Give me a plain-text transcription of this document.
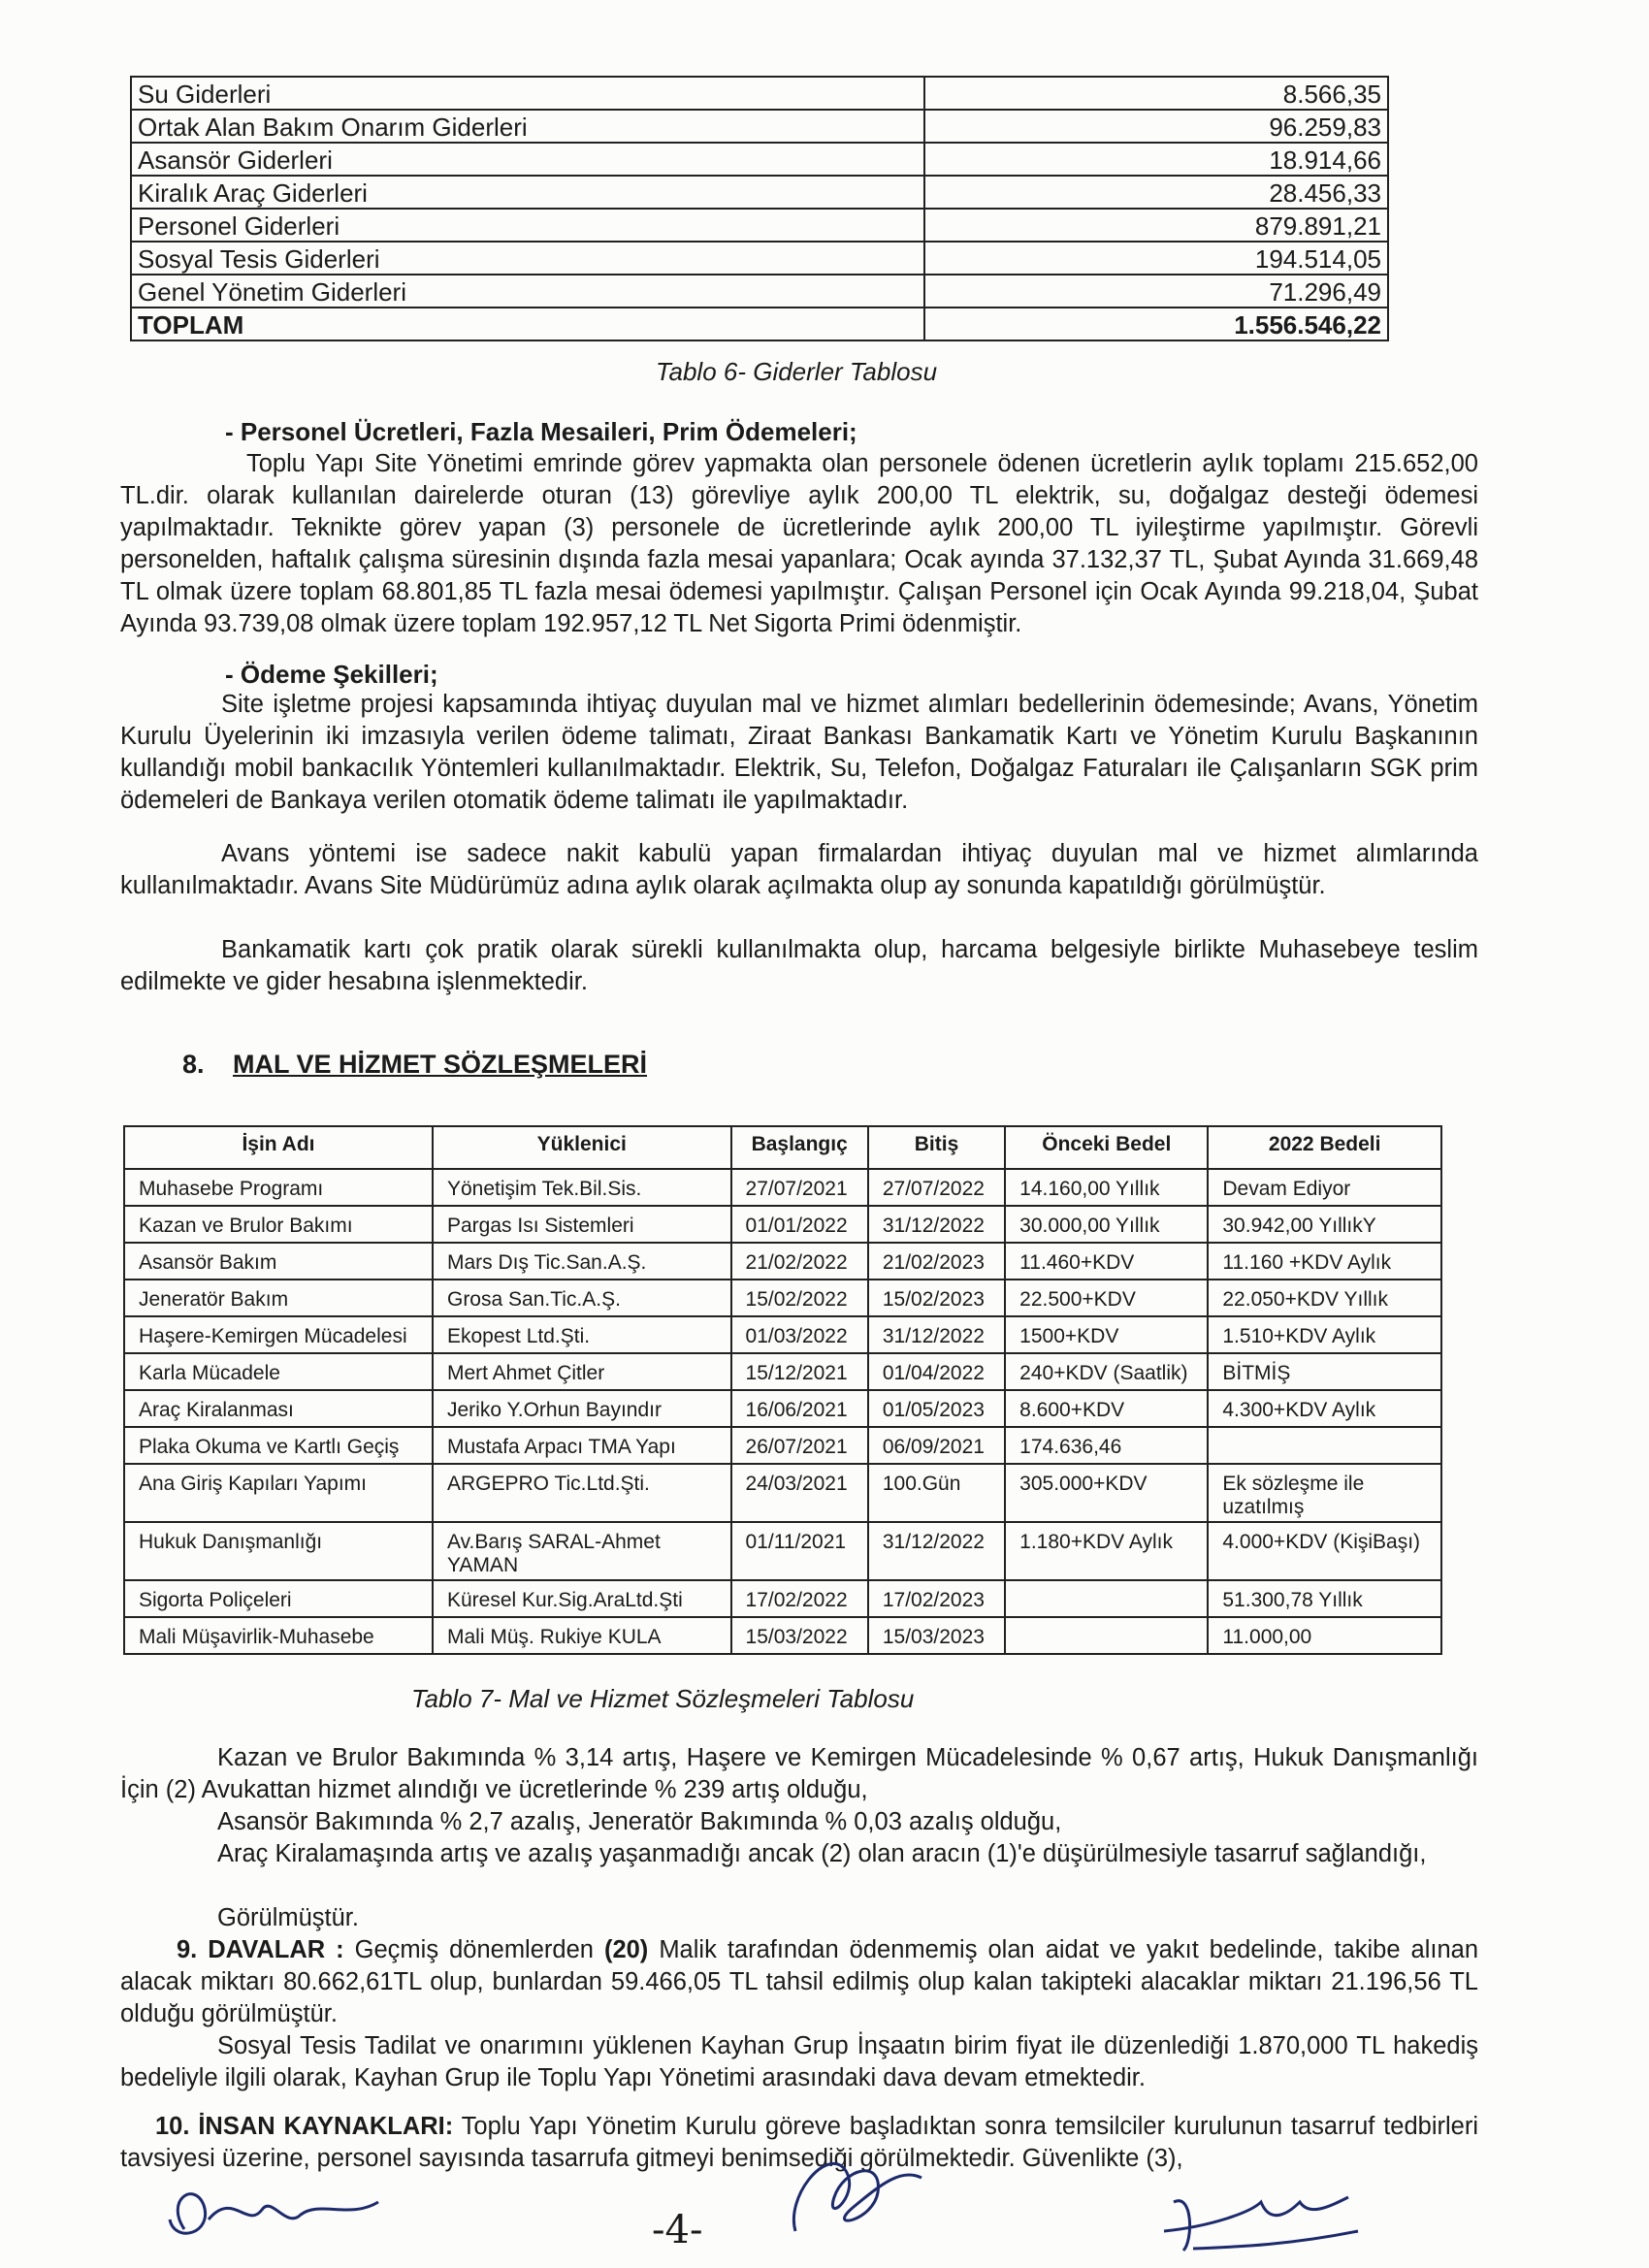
Su Giderleri	8.566,35
Ortak Alan Bakım Onarım Giderleri	96.259,83
Asansör Giderleri	18.914,66
Kiralık Araç Giderleri	28.456,33
Personel Giderleri	879.891,21
Sosyal Tesis Giderleri	194.514,05
Genel Yönetim Giderleri	71.296,49
TOPLAM	1.556.546,22
Tablo 6- Giderler Tablosu
- Personel Ücretleri, Fazla Mesaileri, Prim Ödemeleri;
Toplu Yapı Site Yönetimi emrinde görev yapmakta olan personele ödenen ücretlerin aylık toplamı 215.652,00 TL.dir. olarak kullanılan dairelerde oturan (13) görevliye aylık 200,00 TL elektrik, su, doğalgaz desteği ödemesi yapılmaktadır. Teknikte görev yapan (3) personele de ücretlerinde aylık 200,00 TL iyileştirme yapılmıştır. Görevli personelden, haftalık çalışma süresinin dışında fazla mesai yapanlara; Ocak ayında 37.132,37 TL, Şubat Ayında 31.669,48 TL olmak üzere toplam 68.801,85 TL fazla mesai ödemesi yapılmıştır. Çalışan Personel için Ocak Ayında 99.218,04, Şubat Ayında 93.739,08 olmak üzere toplam 192.957,12 TL Net Sigorta Primi ödenmiştir.
- Ödeme Şekilleri;
Site işletme projesi kapsamında ihtiyaç duyulan mal ve hizmet alımları bedellerinin ödemesinde; Avans, Yönetim Kurulu Üyelerinin iki imzasıyla verilen ödeme talimatı, Ziraat Bankası Bankamatik Kartı ve Yönetim Kurulu Başkanının kullandığı mobil bankacılık Yöntemleri kullanılmaktadır. Elektrik, Su, Telefon, Doğalgaz Faturaları ile Çalışanların SGK prim ödemeleri de Bankaya verilen otomatik ödeme talimatı ile yapılmaktadır.
Avans yöntemi ise sadece nakit kabulü yapan firmalardan ihtiyaç duyulan mal ve hizmet alımlarında kullanılmaktadır. Avans Site Müdürümüz adına aylık olarak açılmakta olup ay sonunda kapatıldığı görülmüştür.
Bankamatik kartı çok pratik olarak sürekli kullanılmakta olup, harcama belgesiyle birlikte Muhasebeye teslim edilmekte ve gider hesabına işlenmektedir.
8. MAL VE HİZMET SÖZLEŞMELERİ
İşin Adı	Yüklenici	Başlangıç	Bitiş	Önceki Bedel	2022 Bedeli
Muhasebe Programı	Yönetişim Tek.Bil.Sis.	27/07/2021	27/07/2022	14.160,00 Yıllık	Devam Ediyor
Kazan ve Brulor Bakımı	Pargas Isı Sistemleri	01/01/2022	31/12/2022	30.000,00 Yıllık	30.942,00 YıllıkY
Asansör Bakım	Mars Dış Tic.San.A.Ş.	21/02/2022	21/02/2023	11.460+KDV	11.160 +KDV Aylık
Jeneratör Bakım	Grosa San.Tic.A.Ş.	15/02/2022	15/02/2023	22.500+KDV	22.050+KDV Yıllık
Haşere-Kemirgen Mücadelesi	Ekopest Ltd.Şti.	01/03/2022	31/12/2022	1500+KDV	1.510+KDV Aylık
Karla Mücadele	Mert Ahmet Çitler	15/12/2021	01/04/2022	240+KDV (Saatlik)	BİTMİŞ
Araç Kiralanması	Jeriko Y.Orhun Bayındır	16/06/2021	01/05/2023	8.600+KDV	4.300+KDV Aylık
Plaka Okuma ve Kartlı Geçiş	Mustafa Arpacı TMA Yapı	26/07/2021	06/09/2021	174.636,46	
Ana Giriş Kapıları Yapımı	ARGEPRO Tic.Ltd.Şti.	24/03/2021	100.Gün	305.000+KDV	Ek sözleşme ile uzatılmış
Hukuk Danışmanlığı	Av.Barış SARAL-Ahmet YAMAN	01/11/2021	31/12/2022	1.180+KDV Aylık	4.000+KDV (KişiBaşı)
Sigorta Poliçeleri	Küresel Kur.Sig.AraLtd.Şti	17/02/2022	17/02/2023		51.300,78 Yıllık
Mali Müşavirlik-Muhasebe	Mali Müş. Rukiye KULA	15/03/2022	15/03/2023		11.000,00
Tablo 7- Mal ve Hizmet Sözleşmeleri Tablosu
Kazan ve Brulor Bakımında % 3,14 artış, Haşere ve Kemirgen Mücadelesinde % 0,67 artış, Hukuk Danışmanlığı İçin (2) Avukattan hizmet alındığı ve ücretlerinde % 239 artış olduğu,
Asansör Bakımında % 2,7 azalış, Jeneratör Bakımında % 0,03 azalış olduğu,
Araç Kiralamaşında artış ve azalış yaşanmadığı ancak (2) olan aracın (1)'e düşürülmesiyle tasarruf sağlandığı,
Görülmüştür.
9. DAVALAR : Geçmiş dönemlerden (20) Malik tarafından ödenmemiş olan aidat ve yakıt bedelinde, takibe alınan alacak miktarı 80.662,61TL olup, bunlardan 59.466,05 TL tahsil edilmiş olup kalan takipteki alacaklar miktarı 21.196,56 TL olduğu görülmüştür.
Sosyal Tesis Tadilat ve onarımını yüklenen Kayhan Grup İnşaatın birim fiyat ile düzenlediği 1.870,000 TL hakediş bedeliyle ilgili olarak, Kayhan Grup ile Toplu Yapı Yönetimi arasındaki dava devam etmektedir.
10. İNSAN KAYNAKLARI: Toplu Yapı Yönetim Kurulu göreve başladıktan sonra temsilciler kurulunun tasarruf tedbirleri tavsiyesi üzerine, personel sayısında tasarrufa gitmeyi benimsediği görülmektedir. Güvenlikte (3),
-4-
